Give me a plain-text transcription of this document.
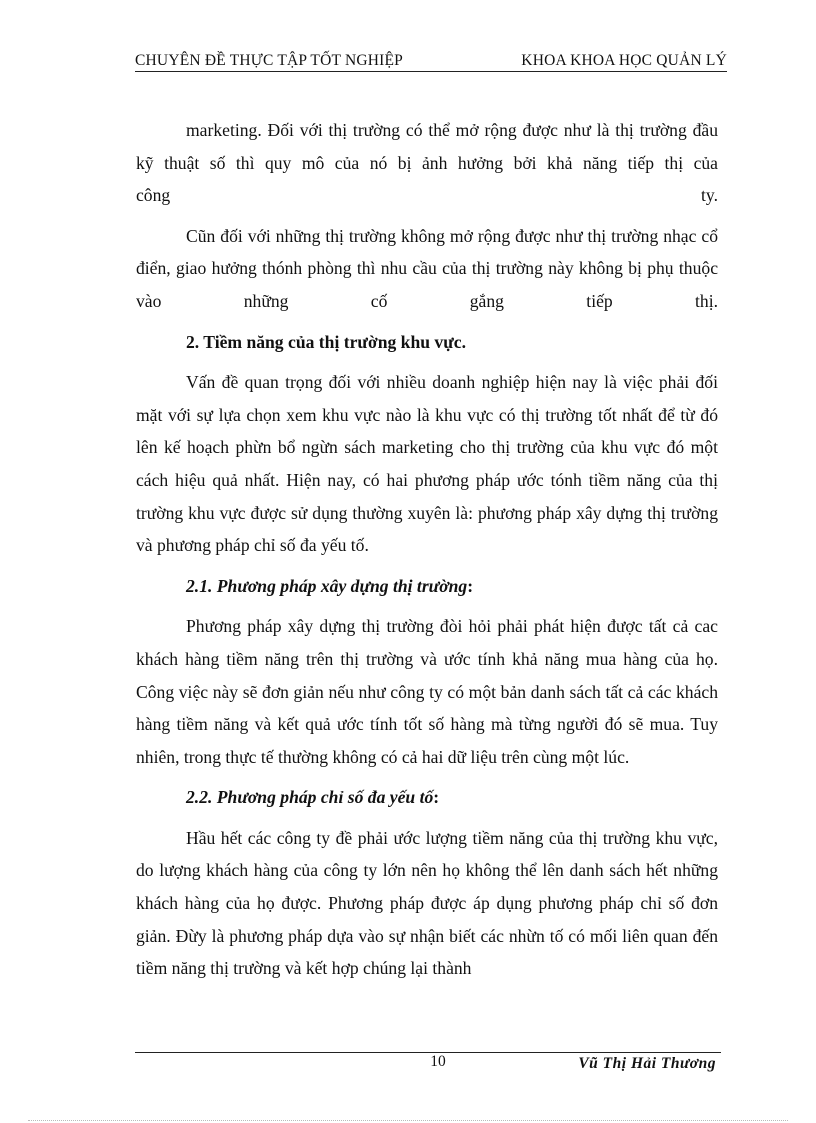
CHUYÊN ĐỀ THỰC TẬP TỐT NGHIỆP	KHOA KHOA HỌC QUẢN LÝ

marketing. Đối với thị trường có thể mở rộng được như là thị trường đầu kỹ thuật số thì quy mô của nó bị ảnh hưởng bởi khả năng tiếp thị của

công	ty.

Cũn đối với những thị trường không mở rộng được như thị trường nhạc cổ điển, giao hưởng thónh phòng thì nhu cầu của thị trường này không bị phụ thuộc vào những cố gắng tiếp thị.

2. Tiềm năng của thị trường khu vực.

Vấn đề quan trọng đối với nhiều doanh nghiệp hiện nay là việc phải đối mặt với sự lựa chọn xem khu vực nào là khu vực có thị trường tốt nhất để từ đó lên kế hoạch phừn bổ ngừn sách marketing cho thị trường của khu vực đó một cách hiệu quả nhất. Hiện nay, có hai phương pháp ước tónh tiềm năng của thị trường khu vực được sử dụng thường xuyên là: phương pháp xây dựng thị trường và phương pháp chỉ số đa yếu tố.

2.1. Phương pháp xây dựng thị trường:

Phương pháp xây dựng thị trường đòi hỏi phải phát hiện được tất cả cac khách hàng tiềm năng trên thị trường và ước tính khả năng mua hàng của họ. Công việc này sẽ đơn giản nếu như công ty có một bản danh sách tất cả các khách hàng tiềm năng và kết quả ước tính tốt số hàng mà từng người đó sẽ mua. Tuy nhiên, trong thực tế thường không có cả hai dữ liệu trên cùng một lúc.

2.2. Phương pháp chỉ số đa yếu tố:

Hầu hết các công ty đề phải ước lượng tiềm năng của thị trường khu vực, do lượng khách hàng của công ty lớn nên họ không thể lên danh sách hết những khách hàng của họ được. Phương pháp được áp dụng phương pháp chỉ số đơn giản. Đừy là phương pháp dựa vào sự nhận biết các nhừn tố có mối liên quan đến tiềm năng thị trường và kết hợp chúng lại thành

10	Vũ Thị Hải Thương
